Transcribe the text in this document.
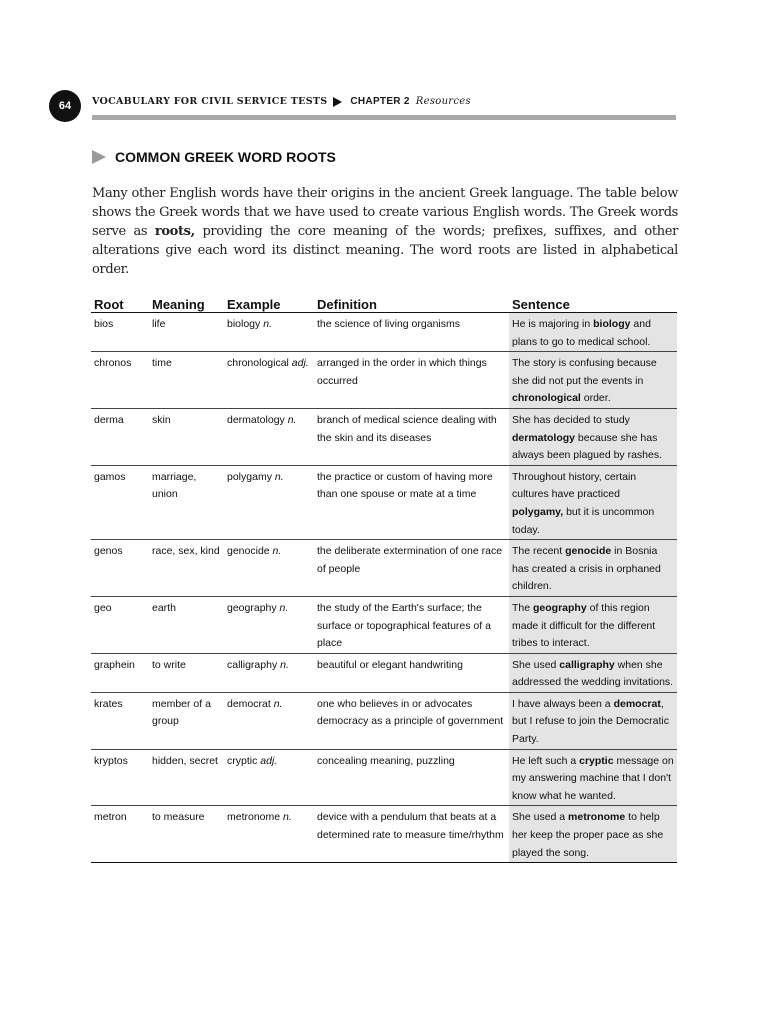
64 VOCABULARY FOR CIVIL SERVICE TESTS CHAPTER 2 Resources
COMMON GREEK WORD ROOTS

Many other English words have their origins in the ancient Greek language. The table below shows the Greek words that we have used to create various English words. The Greek words serve as roots, providing the core meaning of the words; prefixes, suffixes, and other alterations give each word its distinct meaning. The word roots are listed in alphabetical order.

Root	Meaning	Example	Definition	Sentence
bios	life	biology n.	the science of living organisms	He is majoring in biology and plans to go to medical school.
chronos	time	chronological adj.	arranged in the order in which things occurred	The story is confusing because she did not put the events in chronological order.
derma	skin	dermatology n.	branch of medical science dealing with the skin and its diseases	She has decided to study dermatology because she has always been plagued by rashes.
gamos	marriage, union	polygamy n.	the practice or custom of having more than one spouse or mate at a time	Throughout history, certain cultures have practiced polygamy, but it is uncommon today.
genos	race, sex, kind	genocide n.	the deliberate extermination of one race of people	The recent genocide in Bosnia has created a crisis in orphaned children.
geo	earth	geography n.	the study of the Earth's surface; the surface or topographical features of a place	The geography of this region made it difficult for the different tribes to interact.
graphein	to write	calligraphy n.	beautiful or elegant handwriting	She used calligraphy when she addressed the wedding invitations.
krates	member of a group	democrat n.	one who believes in or advocates democracy as a principle of government	I have always been a democrat, but I refuse to join the Democratic Party.
kryptos	hidden, secret	cryptic adj.	concealing meaning, puzzling	He left such a cryptic message on my answering machine that I don't know what he wanted.
metron	to measure	metronome n.	device with a pendulum that beats at a determined rate to measure time/rhythm	She used a metronome to help her keep the proper pace as she played the song.
